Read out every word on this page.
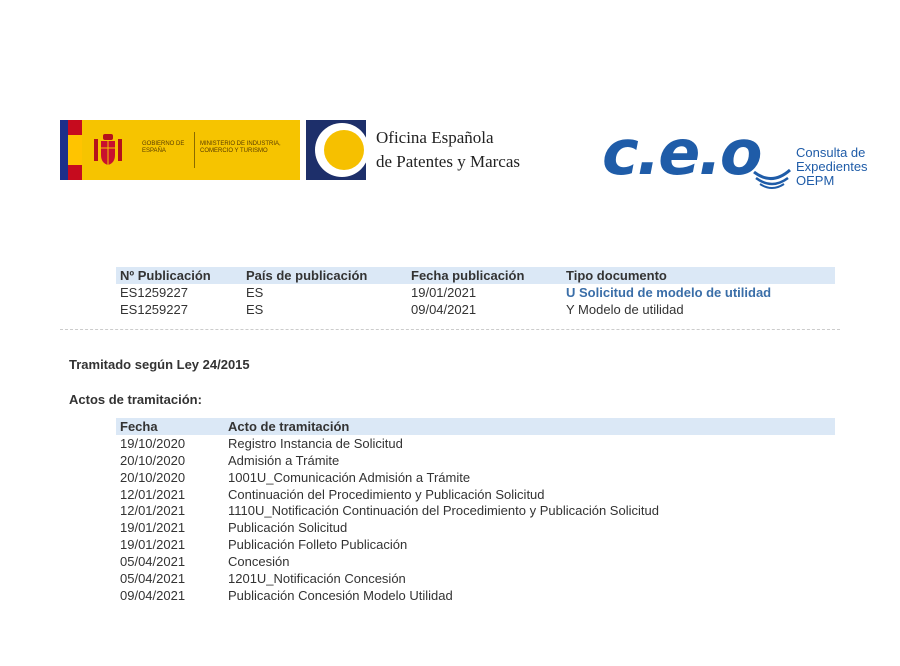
GOBIERNO DE ESPAÑA
MINISTERIO DE INDUSTRIA, COMERCIO Y TURISMO
Oficina Española
de Patentes y Marcas c.e.o	Consulta de
Expedientes
OEPM
Nº Publicación	País de publicación	Fecha publicación	Tipo documento
ES1259227	ES	19/01/2021	U Solicitud de modelo de utilidad
ES1259227	ES	09/04/2021	Y Modelo de utilidad
Tramitado según Ley 24/2015
Actos de tramitación:
Fecha	Acto de tramitación
19/10/2020	Registro Instancia de Solicitud
20/10/2020	Admisión a Trámite
20/10/2020	1001U_Comunicación Admisión a Trámite
12/01/2021	Continuación del Procedimiento y Publicación Solicitud
12/01/2021	1110U_Notificación Continuación del Procedimiento y Publicación Solicitud
19/01/2021	Publicación Solicitud
19/01/2021	Publicación Folleto Publicación
05/04/2021	Concesión
05/04/2021	1201U_Notificación Concesión
09/04/2021	Publicación Concesión Modelo Utilidad
